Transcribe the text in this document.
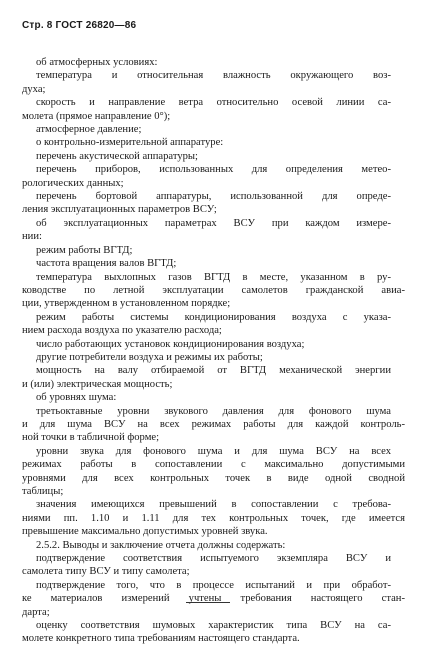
Стр. 8 ГОСТ 26820—86
об атмосферных условиях:
температура и относительная влажность окружающего воз-
духа;
скорость и направление ветра относительно осевой линии са-
молета (прямое направление 0°);
атмосферное давление;
о контрольно-измерительной аппаратуре:
перечень акустической аппаратуры;
перечень приборов, использованных для определения метео-
рологических данных;
перечень бортовой аппаратуры, использованной для опреде-
ления эксплуатационных параметров ВСУ;
об эксплуатационных параметрах ВСУ при каждом измере-
нии:
режим работы ВГТД;
частота вращения валов ВГТД;
температура выхлопных газов ВГТД в месте, указанном в ру-
ководстве по летной эксплуатации самолетов гражданской авиа-
ции, утвержденном в установленном порядке;
режим работы системы кондиционирования воздуха с указа-
нием расхода воздуха по указателю расхода;
число работающих установок кондиционирования воздуха;
другие потребители воздуха и режимы их работы;
мощность на валу отбираемой от ВГТД механической энергии
и (или) электрическая мощность;
об уровнях шума:
третьоктавные уровни звукового давления для фонового шума
и для шума ВСУ на всех режимах работы для каждой контроль-
ной точки в табличной форме;
уровни звука для фонового шума и для шума ВСУ на всех
режимах работы в сопоставлении с максимально допустимыми
уровнями для всех контрольных точек в виде одной сводной
таблицы;
значения имеющихся превышений в сопоставлении с требова-
ниями пп. 1.10 и 1.11 для тех контрольных точек, где имеется
превышение максимально допустимых уровней звука.
2.5.2. Выводы и заключение отчета должны содержать:
подтверждение соответствия испытуемого экземпляра ВСУ и
самолета типу ВСУ и типу самолета;
подтверждение того, что в процессе испытаний и при обработ-
ке материалов измерений учтены требования настоящего стан-
дарта;
оценку соответствия шумовых характеристик типа ВСУ на са-
молете конкретного типа требованиям настоящего стандарта.
